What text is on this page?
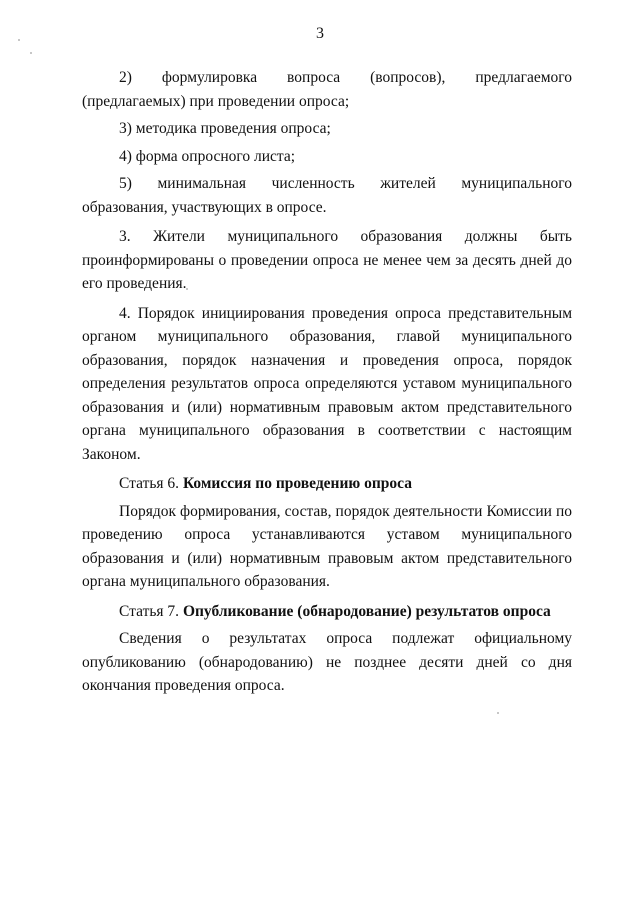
3

2) формулировка вопроса (вопросов), предлагаемого (предлагаемых) при проведении опроса;

3) методика проведения опроса;

4) форма опросного листа;

5) минимальная численность жителей муниципального образования, участвующих в опросе.

3. Жители муниципального образования должны быть проинформированы о проведении опроса не менее чем за десять дней до его проведения.

4. Порядок инициирования проведения опроса представительным органом муниципального образования, главой муниципального образования, порядок назначения и проведения опроса, порядок определения результатов опроса определяются уставом муниципального образования и (или) нормативным правовым актом представительного органа муниципального образования в соответствии с настоящим Законом.

Статья 6. Комиссия по проведению опроса

Порядок формирования, состав, порядок деятельности Комиссии по проведению опроса устанавливаются уставом муниципального образования и (или) нормативным правовым актом представительного органа муниципального образования.

Статья 7. Опубликование (обнародование) результатов опроса

Сведения о результатах опроса подлежат официальному опубликованию (обнародованию) не позднее десяти дней со дня окончания проведения опроса.
